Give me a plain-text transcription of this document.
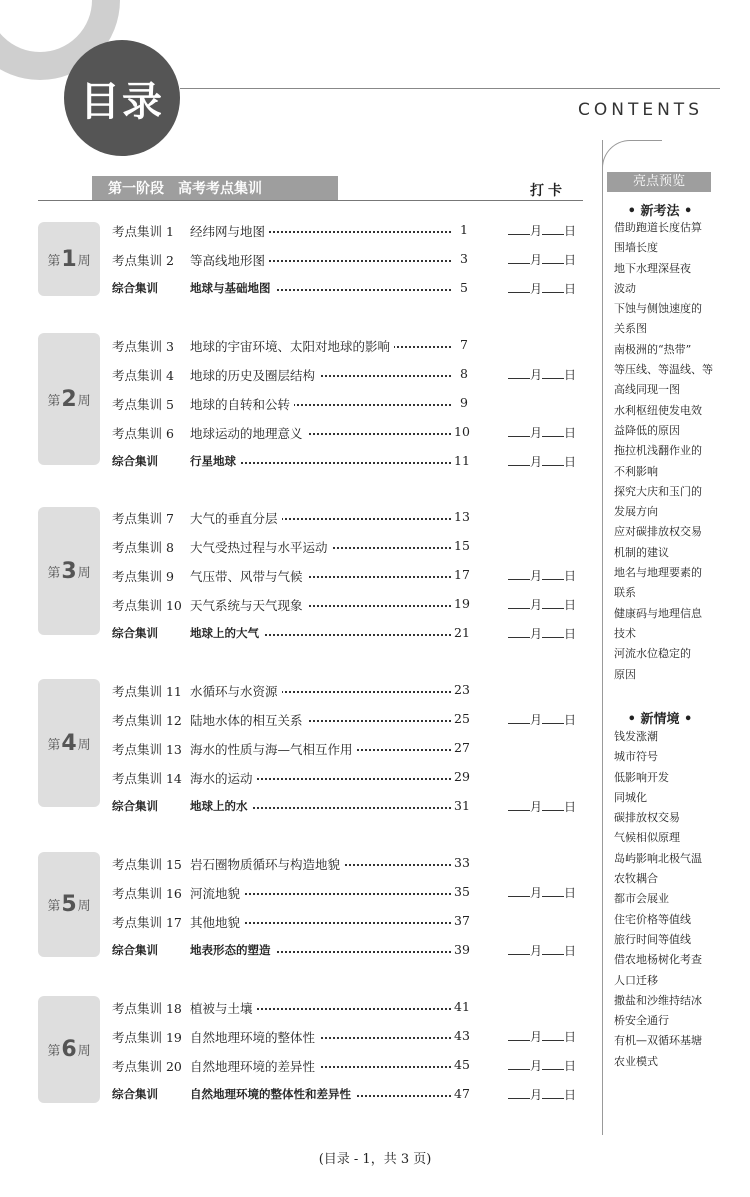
目录	CONTENTS
第一阶段　高考考点集训	打卡
第 1 周
考点集训 1 经纬网与地图	1	月 日
考点集训 2 等高线地形图	3	月 日
综合集训	地球与基础地图	5	月 日
第 2 周
考点集训 3 地球的宇宙环境、太阳对地球的影响	7
考点集训 4 地球的历史及圈层结构	8	月 日
考点集训 5 地球的自转和公转	9
考点集训 6 地球运动的地理意义	10	月 日
综合集训	行星地球	11	月 日
第 3 周
考点集训 7 大气的垂直分层	13
考点集训 8 大气受热过程与水平运动	15
考点集训 9 气压带、风带与气候	17	月 日
考点集训 10 天气系统与天气现象	19	月 日
综合集训	地球上的大气	21	月 日
第 4 周
考点集训 11 水循环与水资源	23
考点集训 12 陆地水体的相互关系	25	月 日
考点集训 13 海水的性质与海—气相互作用	27
考点集训 14 海水的运动	29
综合集训	地球上的水	31	月 日
第 5 周
考点集训 15 岩石圈物质循环与构造地貌	33
考点集训 16 河流地貌	35	月 日
考点集训 17 其他地貌	37
综合集训	地表形态的塑造	39	月 日
第 6 周
考点集训 18 植被与土壤	41
考点集训 19 自然地理环境的整体性	43	月 日
考点集训 20 自然地理环境的差异性	45	月 日
综合集训	自然地理环境的整体性和差异性	47	月 日
亮点预览
• 新考法 •
借助跑道长度估算
围墙长度
地下水理深昼夜
波动
下蚀与侧蚀速度的
关系图
南极洲的“热带”
等压线、等温线、等
高线同现一图
水利枢纽使发电效
益降低的原因
拖拉机浅翻作业的
不利影响
探究大庆和玉门的
发展方向
应对碳排放权交易
机制的建议
地名与地理要素的
联系
健康码与地理信息
技术
河流水位稳定的
原因
• 新情境 •
钱发涨潮
城市符号
低影响开发
同城化
碳排放权交易
气候相似原理
岛屿影响北极气温
农牧耦合
都市会展业
住宅价格等值线
旅行时间等值线
借农地杨树化考查
人口迁移
撒盐和沙维持结冰
桥安全通行
有机—双循环基塘
农业模式
(目录 - 1，共 3 页)
